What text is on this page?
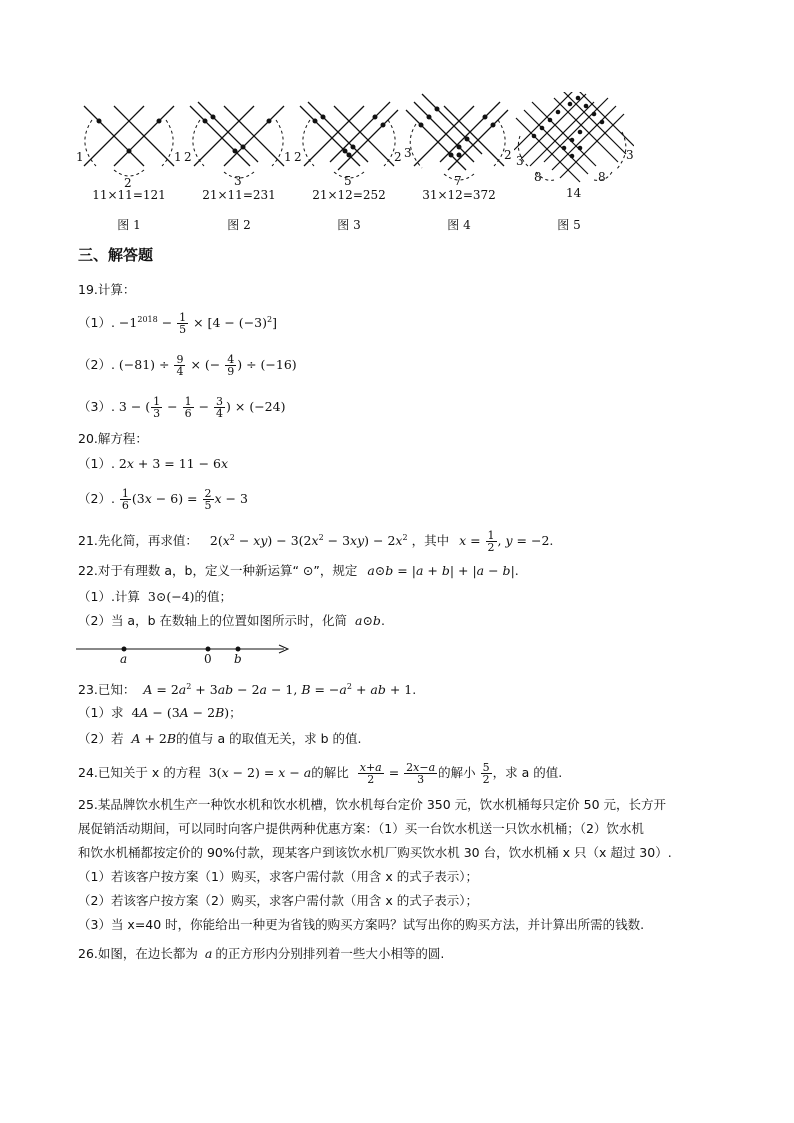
1	1
2
11×11=121
图 1
2	1
3
21×11=231
图 2
2	2
5
21×12=252
图 3
3	2
7
31×12=372
图 4
3	3
8	8
14
图 5
三、解答题
19.计算：
（1）. $-1^{2018} - \frac{1}{5} \times [4 - (-3)^2]$
（2）. $(-81) \div \frac{9}{4}$ × (− $\frac{4}{9}$ ) ÷ (−16)
（3）. 3 − ( $\frac{1}{3} - \frac{1}{6} - \frac{3}{4}$ ) × (−24)
20.解方程：
（1）. 2x + 3 = 11 − 6x
（2）. $\frac{1}{6} (3x - 6) = \frac{2}{5}$ x − 3
21.先化简，再求值： $2(x^2 - xy) - 3(2x^2 - 3xy) - 2x^2$ ，其中 $x = \frac{1}{2}$ , y = −2.
22.对于有理数 a，b，定义一种新运算“ ⊙”，规定 a⊙b = |a + b| + |a − b|.
（1）.计算 3⊙(−4)的值；
（2）当 a，b 在数轴上的位置如图所示时，化简 a⊙b.
a	0 b
23.已知： $A = 2a^2 + 3ab - 2a - 1$, $B = -a^2$ + ab + 1.
（1）求 4A − (3A − 2B)；
（2）若 A + 2B的值与 a 的取值无关，求 b 的值.
24.已知关于 x 的方程 3(x − 2) = x − a的解比 $\frac{x+a}{2} = \frac{2x-a}{3}$ 的解小 $\frac{5}{2}$ ，求 a 的值.
25.某品牌饮水机生产一种饮水机和饮水机槽，饮水机每台定价 350 元，饮水机桶每只定价 50 元，长方开
展促销活动期间，可以同时向客户提供两种优惠方案：（1）买一台饮水机送一只饮水机桶；（2）饮水机
和饮水机桶都按定价的 90%付款，现某客户到该饮水机厂购买饮水机 30 台，饮水机桶 x 只（x 超过 30）.
（1）若该客户按方案（1）购买，求客户需付款（用含 x 的式子表示）；
（2）若该客户按方案（2）购买，求客户需付款（用含 x 的式子表示）；
（3）当 x=40 时，你能给出一种更为省钱的购买方案吗？试写出你的购买方法，并计算出所需的钱数.
26.如图，在边长都为 a 的正方形内分别排列着一些大小相等的圆.
